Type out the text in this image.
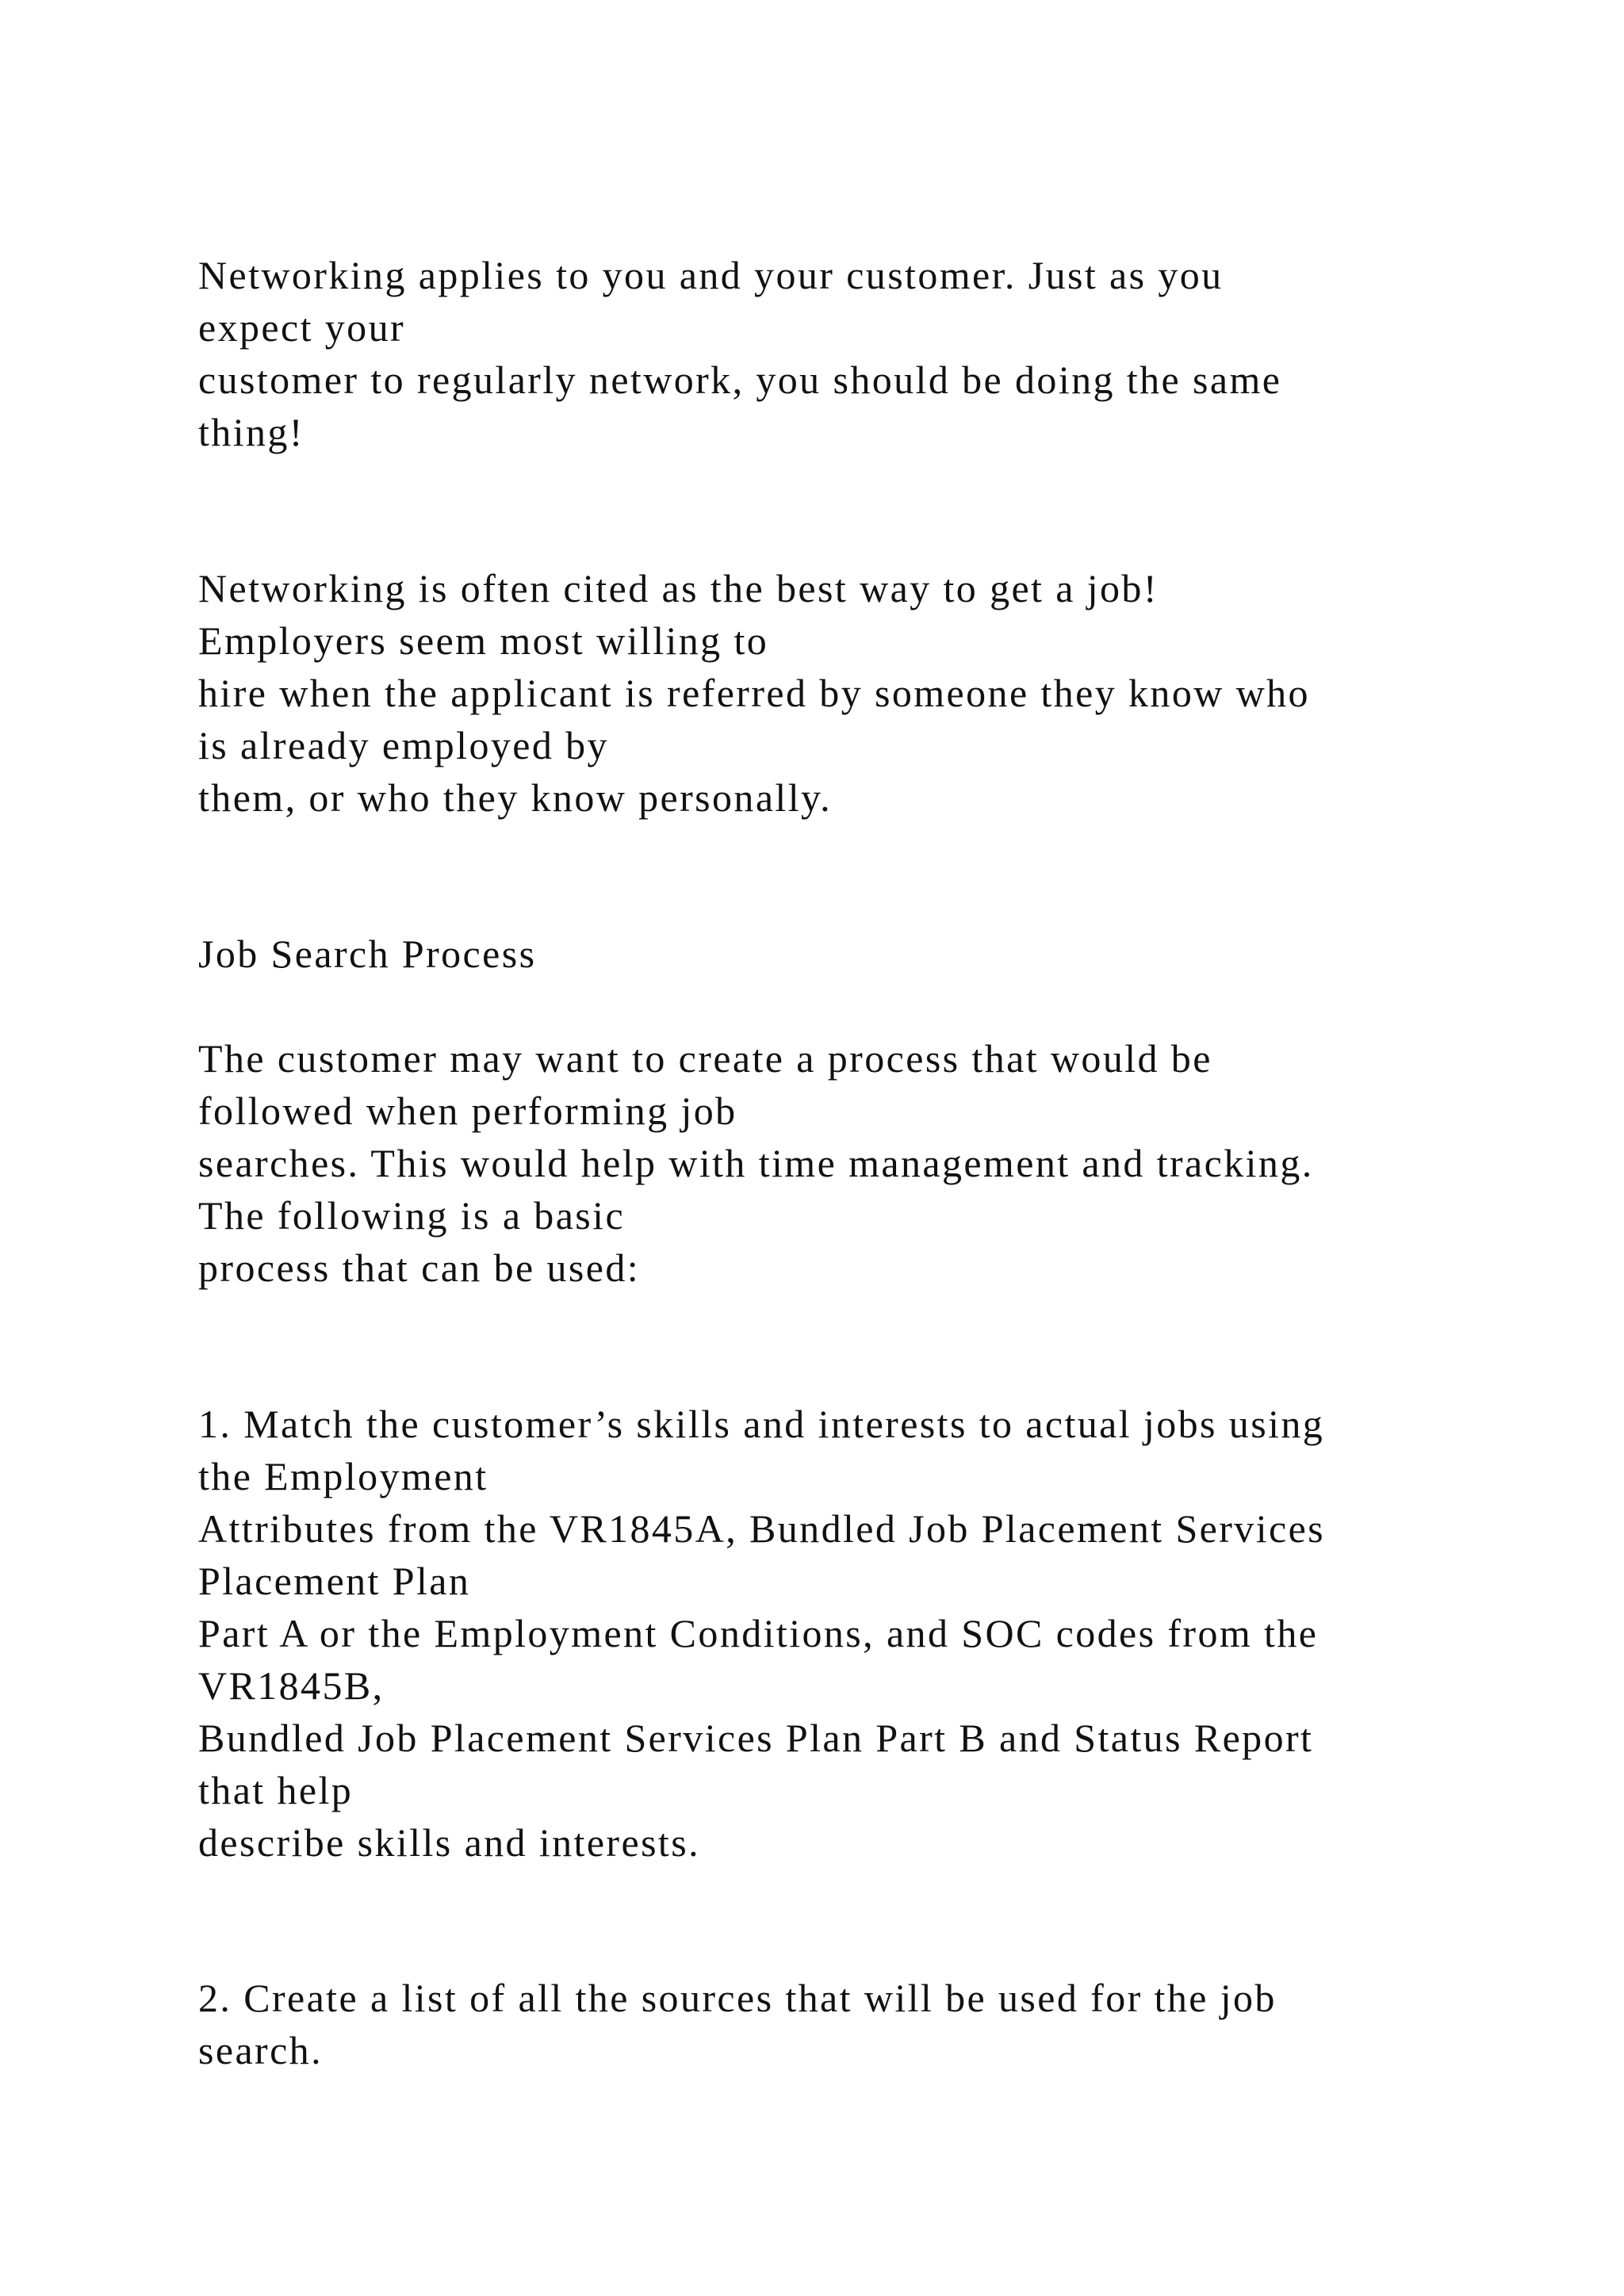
Networking applies to you and your customer. Just as you
expect your
customer to regularly network, you should be doing the same
thing!

Networking is often cited as the best way to get a job!
Employers seem most willing to
hire when the applicant is referred by someone they know who
is already employed by
them, or who they know personally.

Job Search Process

The customer may want to create a process that would be
followed when performing job
searches. This would help with time management and tracking.
The following is a basic
process that can be used:

1. Match the customer’s skills and interests to actual jobs using
the Employment
Attributes from the VR1845A, Bundled Job Placement Services
Placement Plan
Part A or the Employment Conditions, and SOC codes from the
VR1845B,
Bundled Job Placement Services Plan Part B and Status Report
that help
describe skills and interests.

2. Create a list of all the sources that will be used for the job
search.
